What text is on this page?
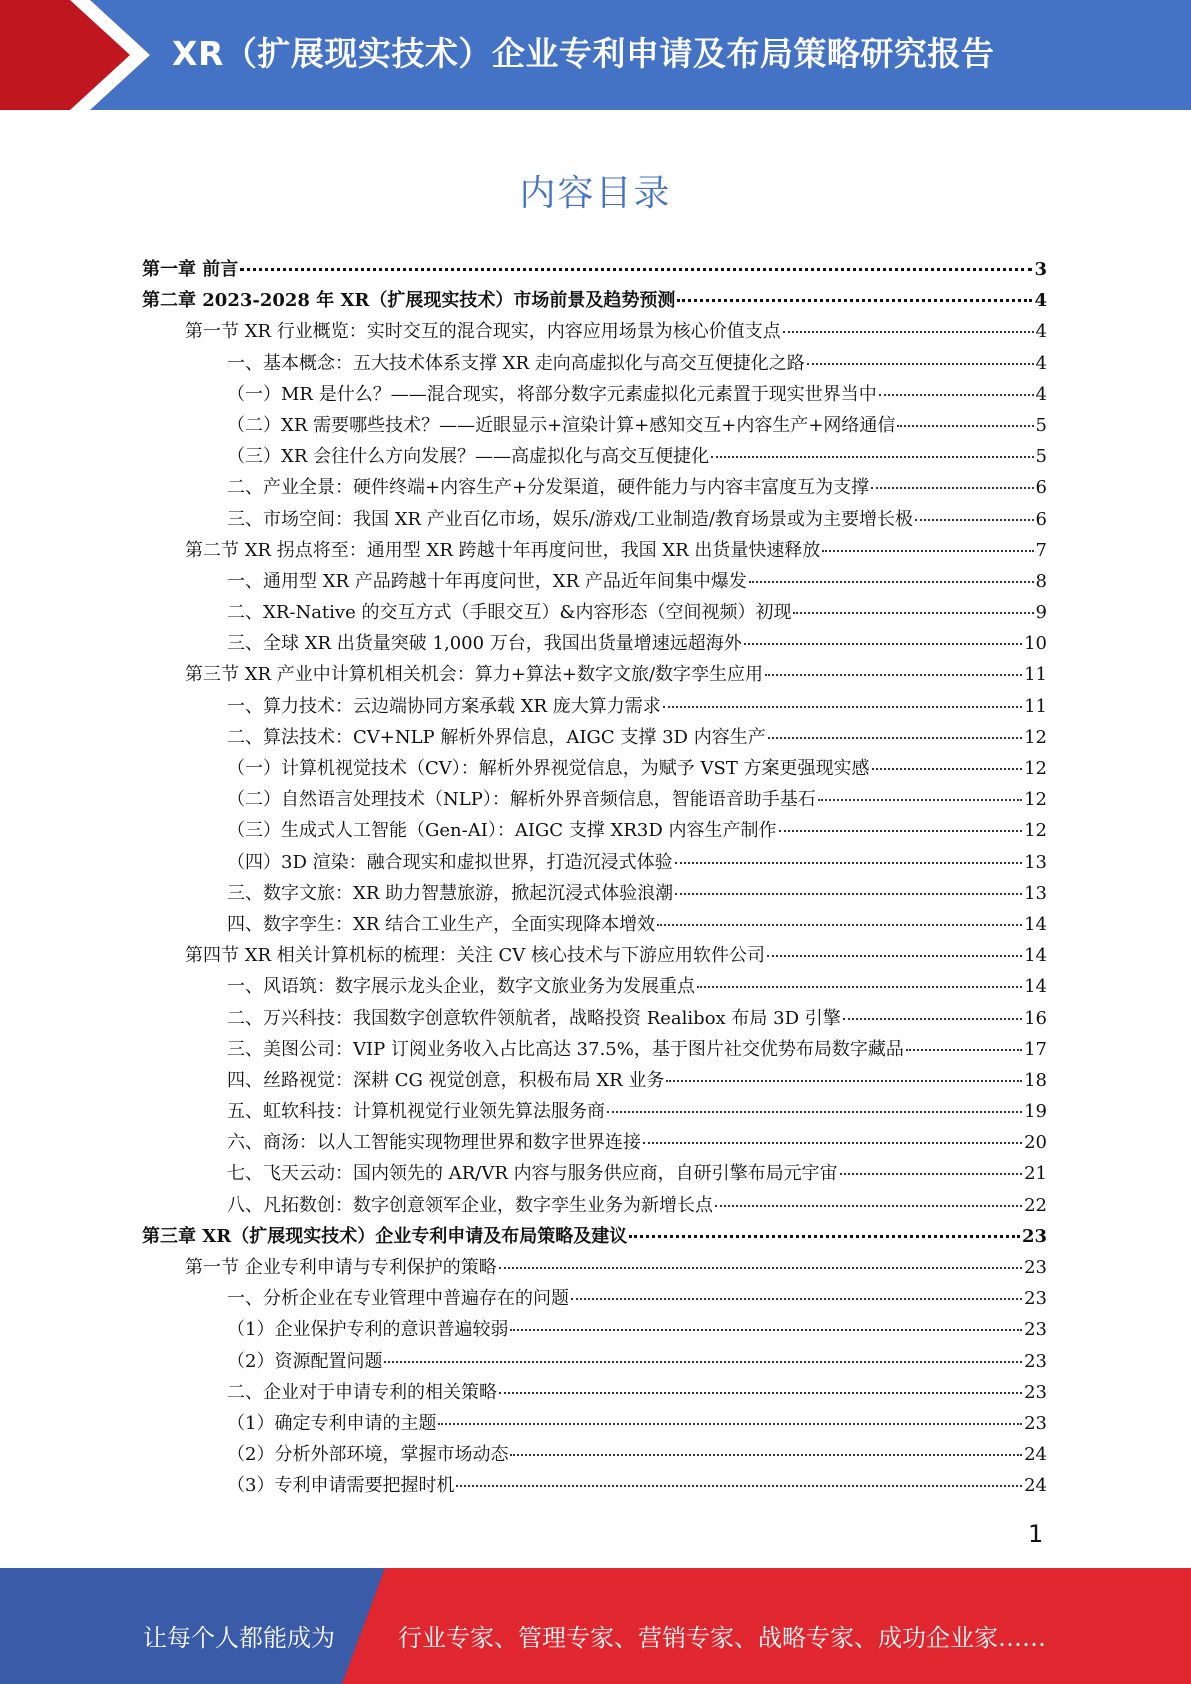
XR（扩展现实技术）企业专利申请及布局策略研究报告
内容目录
第一章 前言	3
第二章 2023-2028 年 XR（扩展现实技术）市场前景及趋势预测	4
第一节 XR 行业概览：实时交互的混合现实，内容应用场景为核心价值支点	4
一、基本概念：五大技术体系支撑 XR 走向高虚拟化与高交互便捷化之路	4
（一）MR 是什么？——混合现实，将部分数字元素虚拟化元素置于现实世界当中	4
（二）XR 需要哪些技术？——近眼显示+渲染计算+感知交互+内容生产+网络通信	5
（三）XR 会往什么方向发展？——高虚拟化与高交互便捷化	5
二、产业全景：硬件终端+内容生产+分发渠道，硬件能力与内容丰富度互为支撑	6
三、市场空间：我国 XR 产业百亿市场，娱乐/游戏/工业制造/教育场景或为主要增长极	6
第二节 XR 拐点将至：通用型 XR 跨越十年再度问世，我国 XR 出货量快速释放	7
一、通用型 XR 产品跨越十年再度问世，XR 产品近年间集中爆发	8
二、XR-Native 的交互方式（手眼交互）&内容形态（空间视频）初现	9
三、全球 XR 出货量突破 1,000 万台，我国出货量增速远超海外	10
第三节 XR 产业中计算机相关机会：算力+算法+数字文旅/数字孪生应用	11
一、算力技术：云边端协同方案承载 XR 庞大算力需求	11
二、算法技术：CV+NLP 解析外界信息，AIGC 支撑 3D 内容生产	12
（一）计算机视觉技术（CV）：解析外界视觉信息，为赋予 VST 方案更强现实感	12
（二）自然语言处理技术（NLP）：解析外界音频信息，智能语音助手基石	12
（三）生成式人工智能（Gen-AI）：AIGC 支撑 XR3D 内容生产制作	12
（四）3D 渲染：融合现实和虚拟世界，打造沉浸式体验	13
三、数字文旅：XR 助力智慧旅游，掀起沉浸式体验浪潮	13
四、数字孪生：XR 结合工业生产，全面实现降本增效	14
第四节 XR 相关计算机标的梳理：关注 CV 核心技术与下游应用软件公司	14
一、风语筑：数字展示龙头企业，数字文旅业务为发展重点	14
二、万兴科技：我国数字创意软件领航者，战略投资 Realibox 布局 3D 引擎	16
三、美图公司：VIP 订阅业务收入占比高达 37.5%，基于图片社交优势布局数字藏品	17
四、丝路视觉：深耕 CG 视觉创意，积极布局 XR 业务	18
五、虹软科技：计算机视觉行业领先算法服务商	19
六、商汤：以人工智能实现物理世界和数字世界连接	20
七、飞天云动：国内领先的 AR/VR 内容与服务供应商，自研引擎布局元宇宙	21
八、凡拓数创：数字创意领军企业，数字孪生业务为新增长点	22
第三章 XR（扩展现实技术）企业专利申请及布局策略及建议	23
第一节 企业专利申请与专利保护的策略	23
一、分析企业在专业管理中普遍存在的问题	23
（1）企业保护专利的意识普遍较弱	23
（2）资源配置问题	23
二、企业对于申请专利的相关策略	23
（1）确定专利申请的主题	23
（2）分析外部环境，掌握市场动态	24
（3）专利申请需要把握时机	24
1
让每个人都能成为	行业专家、管理专家、营销专家、战略专家、成功企业家……
